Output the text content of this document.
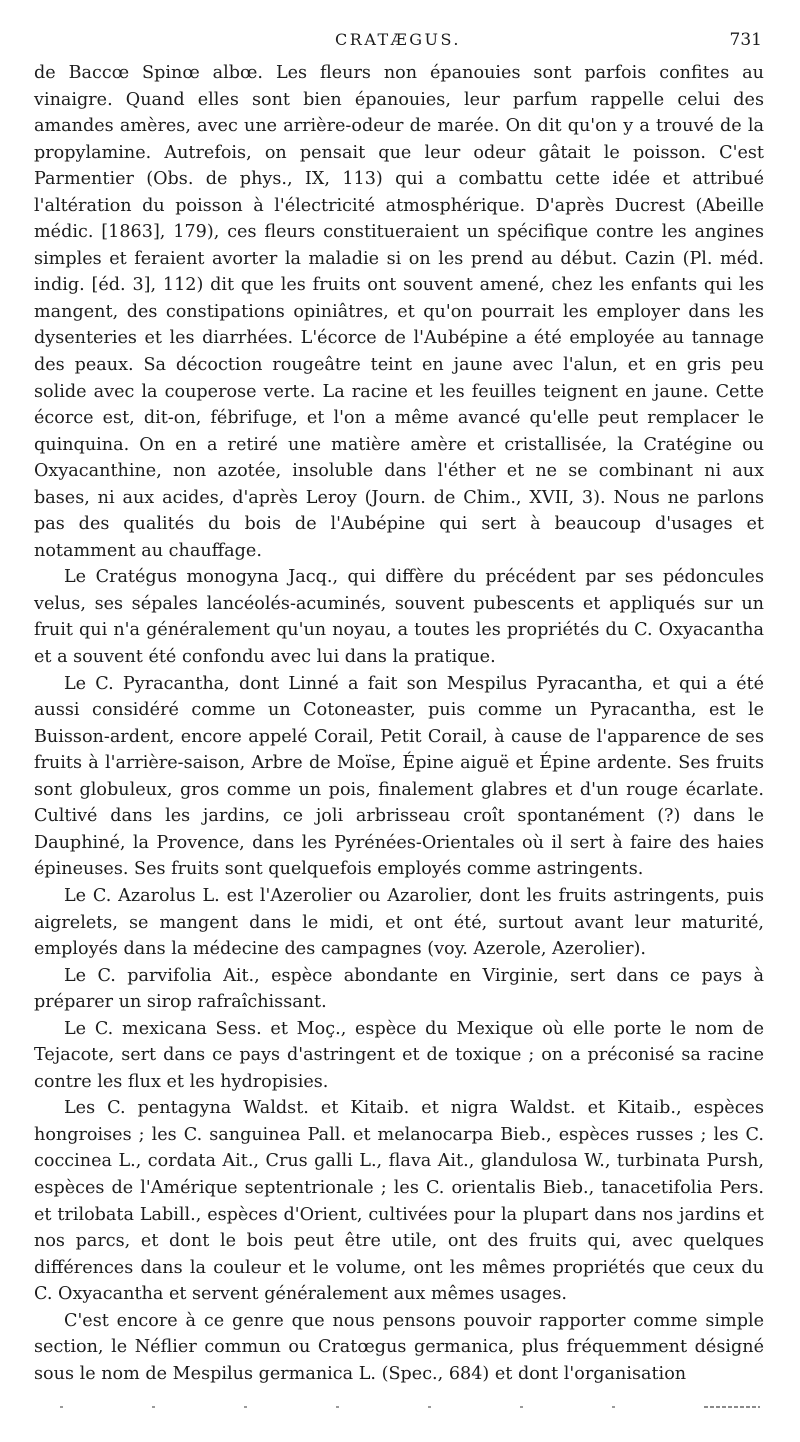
CRATÆGUS.	731

de Baccœ Spinœ albœ. Les fleurs non épanouies sont parfois confites au vinaigre. Quand elles sont bien épanouies, leur parfum rappelle celui des amandes amères, avec une arrière-odeur de marée. On dit qu'on y a trouvé de la propylamine. Autrefois, on pensait que leur odeur gâtait le poisson. C'est Parmentier (Obs. de phys., IX, 113) qui a combattu cette idée et attribué l'altération du poisson à l'électricité atmosphérique. D'après Ducrest (Abeille médic. [1863], 179), ces fleurs constitueraient un spécifique contre les angines simples et feraient avorter la maladie si on les prend au début. Cazin (Pl. méd. indig. [éd. 3], 112) dit que les fruits ont souvent amené, chez les enfants qui les mangent, des constipations opiniâtres, et qu'on pourrait les employer dans les dysenteries et les diarrhées. L'écorce de l'Aubépine a été employée au tannage des peaux. Sa décoction rougeâtre teint en jaune avec l'alun, et en gris peu solide avec la couperose verte. La racine et les feuilles teignent en jaune. Cette écorce est, dit-on, fébrifuge, et l'on a même avancé qu'elle peut remplacer le quinquina. On en a retiré une matière amère et cristallisée, la Cratégine ou Oxyacanthine, non azotée, insoluble dans l'éther et ne se combinant ni aux bases, ni aux acides, d'après Leroy (Journ. de Chim., XVII, 3). Nous ne parlons pas des qualités du bois de l'Aubépine qui sert à beaucoup d'usages et notamment au chauffage.

Le Cratégus monogyna Jacq., qui diffère du précédent par ses pédoncules velus, ses sépales lancéolés-acuminés, souvent pubescents et appliqués sur un fruit qui n'a généralement qu'un noyau, a toutes les propriétés du C. Oxyacantha et a souvent été confondu avec lui dans la pratique.

Le C. Pyracantha, dont Linné a fait son Mespilus Pyracantha, et qui a été aussi considéré comme un Cotoneaster, puis comme un Pyracantha, est le Buisson-ardent, encore appelé Corail, Petit Corail, à cause de l'apparence de ses fruits à l'arrière-saison, Arbre de Moïse, Épine aiguë et Épine ardente. Ses fruits sont globuleux, gros comme un pois, finalement glabres et d'un rouge écarlate. Cultivé dans les jardins, ce joli arbrisseau croît spontanément (?) dans le Dauphiné, la Provence, dans les Pyrénées-Orientales où il sert à faire des haies épineuses. Ses fruits sont quelquefois employés comme astringents.

Le C. Azarolus L. est l'Azerolier ou Azarolier, dont les fruits astringents, puis aigrelets, se mangent dans le midi, et ont été, surtout avant leur maturité, employés dans la médecine des campagnes (voy. Azerole, Azerolier).

Le C. parvifolia Ait., espèce abondante en Virginie, sert dans ce pays à préparer un sirop rafraîchissant.

Le C. mexicana Sess. et Moç., espèce du Mexique où elle porte le nom de Tejacote, sert dans ce pays d'astringent et de toxique ; on a préconisé sa racine contre les flux et les hydropisies.

Les C. pentagyna Waldst. et Kitaib. et nigra Waldst. et Kitaib., espèces hongroises ; les C. sanguinea Pall. et melanocarpa Bieb., espèces russes ; les C. coccinea L., cordata Ait., Crus galli L., flava Ait., glandulosa W., turbinata Pursh, espèces de l'Amérique septentrionale ; les C. orientalis Bieb., tanacetifolia Pers. et trilobata Labill., espèces d'Orient, cultivées pour la plupart dans nos jardins et nos parcs, et dont le bois peut être utile, ont des fruits qui, avec quelques différences dans la couleur et le volume, ont les mêmes propriétés que ceux du C. Oxyacantha et servent généralement aux mêmes usages.

C'est encore à ce genre que nous pensons pouvoir rapporter comme simple section, le Néflier commun ou Cratœgus germanica, plus fréquemment désigné sous le nom de Mespilus germanica L. (Spec., 684) et dont l'organisation
